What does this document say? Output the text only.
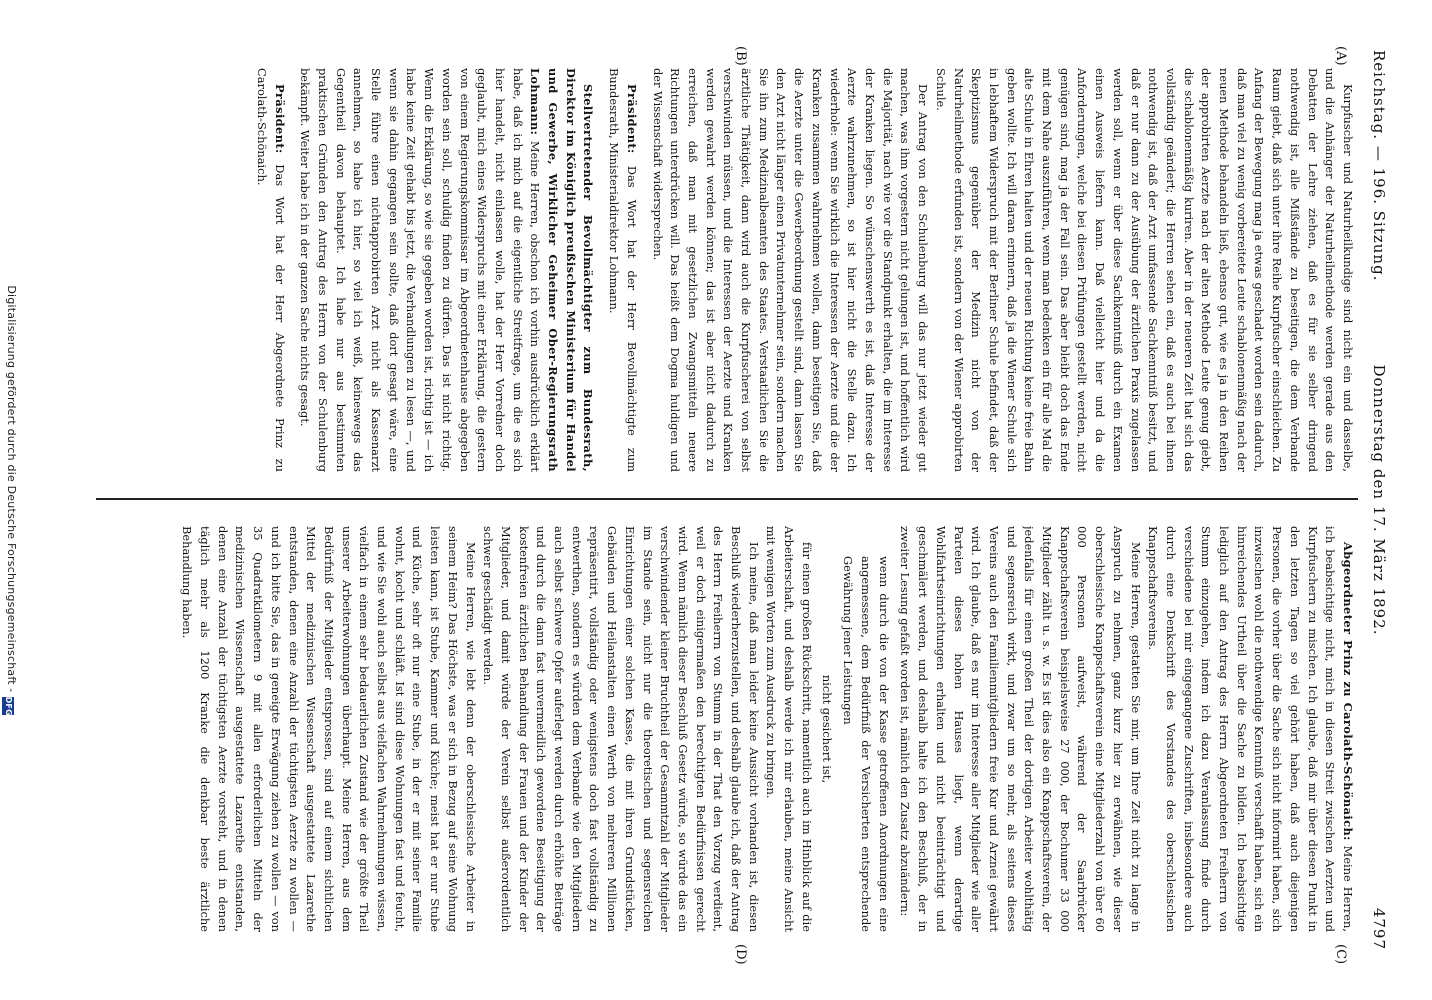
Reichstag. — 196. Sitzung.
Donnerstag den 17. März 1892.
4797
(A)
(B)
(C)
(D)

Kurpfuscher und Naturheilkundige sind nicht ein und dasselbe, und die Anhänger der Naturheilmethode werden gerade aus den Debatten der Lehre ziehen, daß es für sie selber dringend nothwendig ist, alle Mißstände zu beseitigen, die dem Verbande Raum giebt, daß sich unter ihre Reihe Kurpfuscher einschleichen. Zu Anfang der Bewegung mag ja etwas geschadet worden sein dadurch, daß man viel zu wenig vorbereitete Leute schablonenmäßig nach der neuen Methode behandeln ließ, ebenso gut, wie es ja in den Reihen der approbirten Aerzte nach der alten Methode Leute genug giebt, die schablonenmäßig kuriren. Aber in der neueren Zeit hat sich das vollständig geändert; die Herren sehen ein, daß es auch bei ihnen nothwendig ist, daß der Arzt umfassende Sachkenntniß besitzt, und daß er nur dann zu der Ausübung der ärztlichen Praxis zugelassen werden soll, wenn er über diese Sachkenntniß durch ein Examen einen Ausweis liefern kann. Daß vielleicht hier und da die Anforderungen, welche bei diesen Prüfungen gestellt werden, nicht genügen sind, mag ja der Fall sein. Das aber bleibt doch das Ende mit dem Nahe auszuführen, wenn man bedenken ein für alle Mal die alte Schule in Ehren halten und der neuen Richtung keine freie Bahn geben wollte. Ich will daran erinnern, daß ja die Wiener Schule sich in lebhaftem Widerspruch mit der Berliner Schule befindet, daß der Skeptizismus gegenüber der Medizin nicht von der Naturheilmethode erfunden ist, sondern von der Wiener approbirten Schule.

Der Antrag von den Schulenburg will das nur jetzt wieder gut machen, was ihm vorgestern nicht gelungen ist, und hoffentlich wird die Majorität, nach wie vor die Standpunkt erhalten, die im Interesse der Kranken liegen. So wünschenswerth es ist, daß Interesse der Aerzte wahrzunehmen, so ist hier nicht die Stelle dazu. Ich wiederhole: wenn Sie wirklich die Interessen der Aerzte und die der Kranken zusammen wahrnehmen wollen, dann beseitigen Sie, daß die Aerzte unter die Gewerbeordnung gestellt sind, dann lassen Sie den Arzt nicht länger einen Privatunternehmer sein, sondern machen Sie ihn zum Medizinalbeamten des Staates. Verstaatlichen Sie die ärztliche Thätigkeit, dann wird auch die Kurpfuscherei von selbst verschwinden müssen, und die Interessen der Aerzte und Kranken werden gewahrt werden können; das ist aber nicht dadurch zu erreichen, daß man mit gesetzlichen Zwangsmitteln neuere Richtungen unterdrücken will. Das heißt dem Dogma huldigen und der Wissenschaft widersprechen.

Präsident: Das Wort hat der Herr Bevollmächtigte zum Bundesrath, Ministerialdirektor Lohmann.

Stellvertretender Bevollmächtigter zum Bundesrath, Direktor im Königlich preußischen Ministerium für Handel und Gewerbe, Wirklicher Geheimer Ober-Regierungsrath Lohmann: Meine Herren, obschon ich vorhin ausdrücklich erklärt habe, daß ich mich auf die eigentliche Streitfrage, um die es sich hier handelt, nicht einlassen wolle, hat der Herr Vorredner doch geglaubt, mich eines Widerspruchs mit einer Erklärung, die gestern von einem Regierungskommissar im Abgeordnetenhause abgegeben worden sein soll, schuldig finden zu dürfen. Das ist nicht richtig. Wenn die Erklärung, so wie sie gegeben worden ist, richtig ist — ich habe keine Zeit gehabt bis jetzt, die Verhandlungen zu lesen —, und wenn sie dahin gegangen sein sollte, daß dort gesagt wäre, eine Stelle führe einen nichtapprobirten Arzt nicht als Kassenarzt annehmen, so habe ich hier, so viel ich weiß, keineswegs das Gegentheil davon behauptet. Ich habe nur aus bestimmten praktischen Gründen den Antrag des Herrn von der Schulenburg bekämpft. Weiter habe ich in der ganzen Sache nichts gesagt.

Präsident: Das Wort hat der Herr Abgeordnete Prinz zu Carolath-Schönaich.

Abgeordneter Prinz zu Carolath-Schönaich: Meine Herren, ich beabsichtige nicht, mich in diesen Streit zwischen Aerzten und Kurpfuschern zu mischen. Ich glaube, daß mir über diesen Punkt in den letzten Tagen so viel gehört haben, daß auch diejenigen Personen, die vorher über die Sache sich nicht informirt haben, sich inzwischen wohl die nothwendige Kenntniß verschafft haben, sich ein hinreichendes Urtheil über die Sache zu bilden. Ich beabsichtige lediglich auf den Antrag des Herrn Abgeordneten Freiherrn von Stumm einzugehen, indem ich dazu Veranlassung finde durch verschiedene bei mir eingegangene Zuschriften, insbesondere auch durch eine Denkschrift des Vorstandes des oberschlesischen Knappschaftsvereins.

Meine Herren, gestatten Sie mir, um Ihre Zeit nicht zu lange in Anspruch zu nehmen, ganz kurz hier zu erwähnen, wie dieser oberschlesische Knappschaftsverein eine Mitgliederzahl von über 60 000 Personen aufweist, während der Saarbrücker Knappschaftsverein beispielsweise 27 000, der Bochumer 33 000 Mitglieder zählt u. s. w. Es ist dies also ein Knappschaftsverein, der jedenfalls für einen großen Theil der dortigen Arbeiter wohlthätig und segensreich wirkt, und zwar um so mehr, als seitens dieses Vereins auch den Familienmitgliedern freie Kur und Arznei gewährt wird. Ich glaube, daß es nur im Interesse aller Mitglieder wie aller Parteien dieses hohen Hauses liegt, wenn derartige Wohlfahrtseinrichtungen erhalten und nicht beeinträchtigt und geschmälert werden, und deshalb halte ich den Beschluß, der in zweiter Lesung gefaßt worden ist, nämlich den Zusatz abzuändern:

wenn durch die von der Kasse getroffenen Anordnungen eine angemessene, dem Bedürfniß der Versicherten entsprechende Gewährung jener Leistungen

nicht gesichert ist,

für einen großen Rückschritt, namentlich auch im Hinblick auf die Arbeiterschaft, und deshalb werde ich mir erlauben, meine Ansicht mit wenigen Worten zum Ausdruck zu bringen.

Ich meine, daß man leider keine Aussicht vorhanden ist, diesen Beschluß wiederherzustellen, und deshalb glaube ich, daß der Antrag des Herrn Freiherrn von Stumm in der That den Vorzug verdient, weil er doch einigermaßen den berechtigten Bedürfnissen gerecht wird. Wenn nämlich dieser Beschluß Gesetz würde, so würde das ein verschwindender kleiner Bruchtheil der Gesammtzahl der Mitglieder im Stande sein, nicht nur die theoretischen und segensreichen Einrichtungen einer solchen Kasse, die mit ihren Grundstücken, Gebäuden und Heilanstalten einen Werth von mehreren Millionen repräsentirt, vollständig oder wenigstens doch fast vollständig zu entwerthen, sondern es würden dem Verbande wie den Mitgliedern auch selbst schwere Opfer auferlegt werden durch erhöhte Beiträge und durch die dann fast unvermeidlich gewordene Beseitigung der kostenfreien ärztlichen Behandlung der Frauen und der Kinder der Mitglieder, und damit würde der Verein selbst außerordentlich schwer geschädigt werden.

Meine Herren, wie lebt denn der oberschlesische Arbeiter in seinem Heim? Das Höchste, was er sich in Bezug auf seine Wohnung leisten kann, ist Stube, Kammer und Küche; meist hat er nur Stube und Küche, sehr oft nur eine Stube, in der er mit seiner Familie wohnt, kocht und schläft. Ist sind diese Wohnungen fast und feucht, und wie Sie wohl auch selbst aus vielfachen Wahrnehmungen wissen, vielfach in einem sehr bedauerlichen Zustand wie der größte Theil unserer Arbeiterwohnungen überhaupt. Meine Herren, aus dem Bedürfniß der Mitglieder entsprossen, sind auf einem sichtlichen Mittel der medizinischen Wissenschaft ausgestattete Lazarethe entstanden, denen eine Anzahl der tüchtigsten Aerzte zu wollen — und ich bitte Sie, das in geneigte Erwägung ziehen zu wollen — von 35 Quadratkilometern 9 mit allen erforderlichen Mitteln der medizinischen Wissenschaft ausgestattete Lazarethe entstanden, denen eine Anzahl der tüchtigsten Aerzte vorsteht, und in denen täglich mehr als 1200 Kranke die denkbar beste ärztliche Behandlung haben.

Digitalisierung gefördert durch die Deutsche Forschungsgemeinschaft -DFG
